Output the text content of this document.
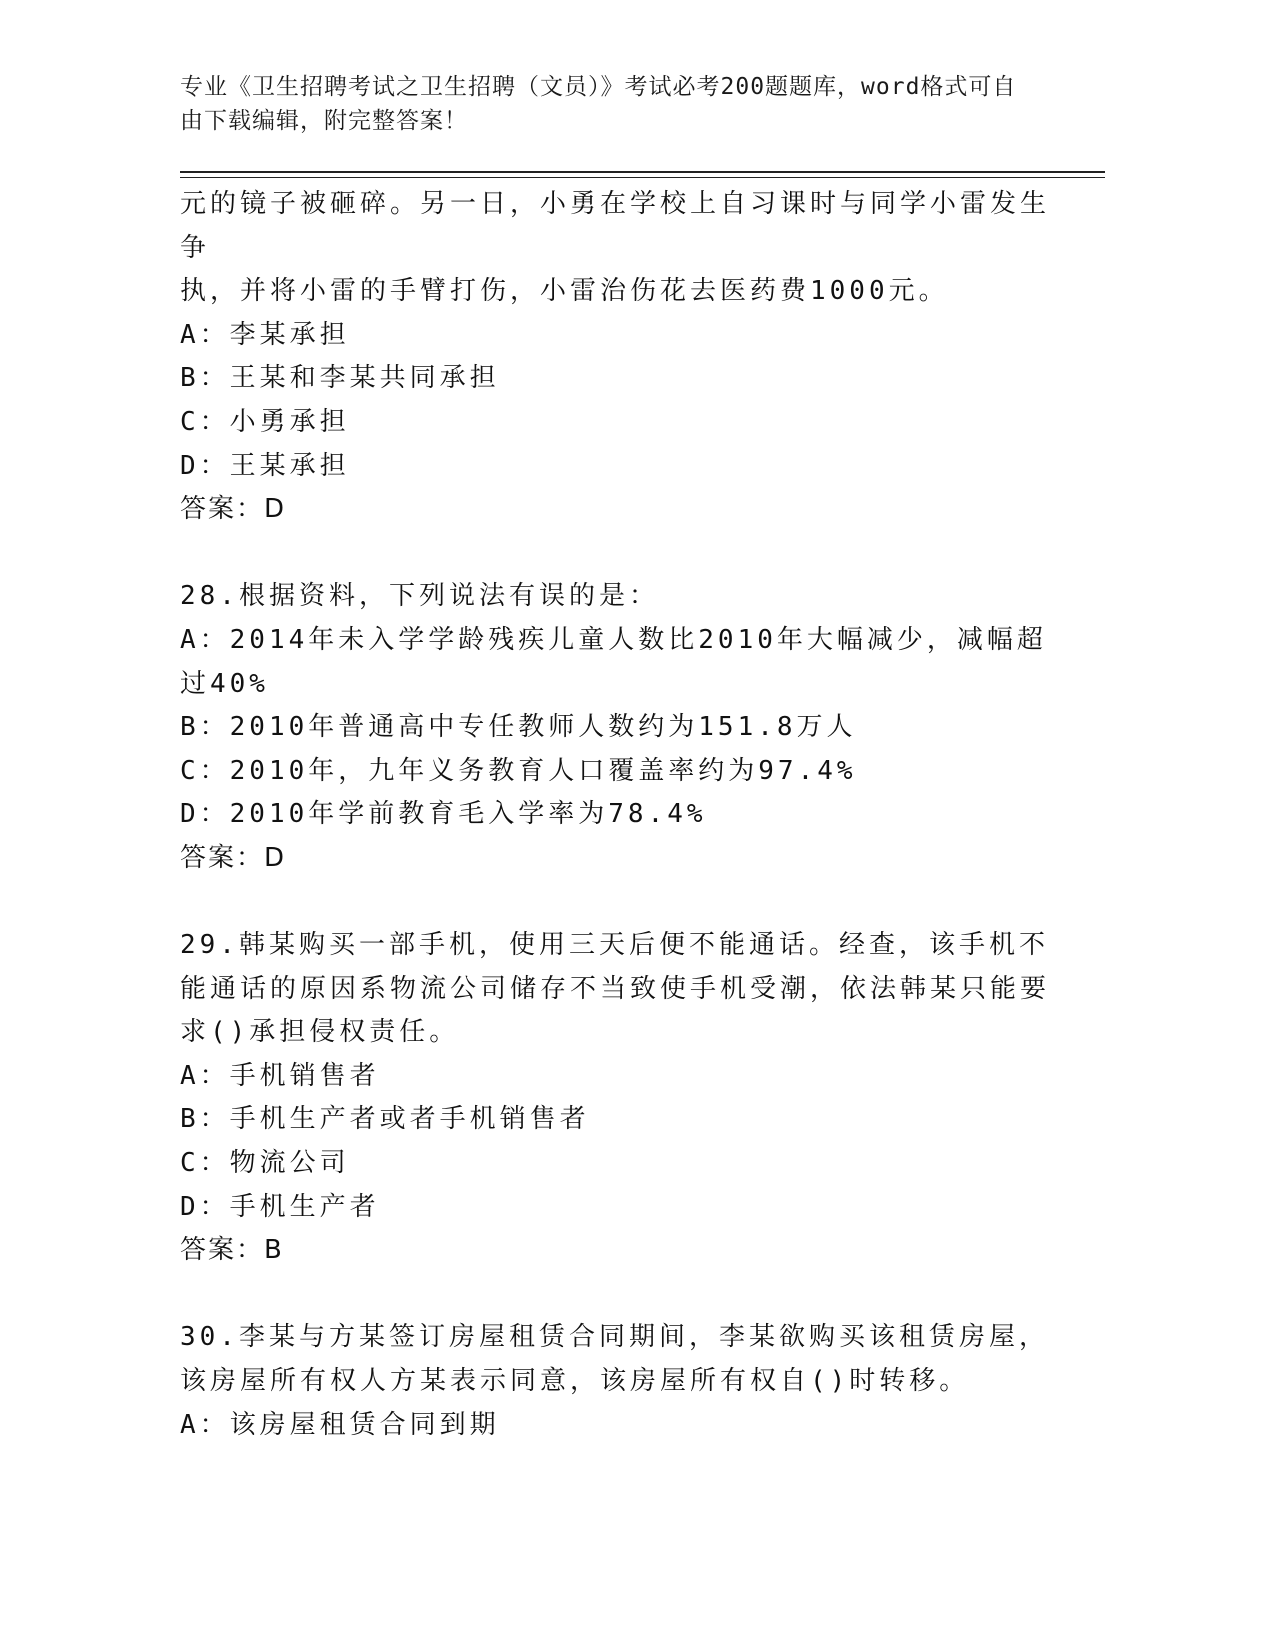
专业《卫生招聘考试之卫生招聘（文员）》考试必考200题题库，word格式可自由下载编辑，附完整答案！

元的镜子被砸碎。另一日，小勇在学校上自习课时与同学小雷发生争

执，并将小雷的手臂打伤，小雷治伤花去医药费1000元。

A：李某承担

B：王某和李某共同承担

C：小勇承担

D：王某承担

答案：D

28.根据资料，下列说法有误的是：

A：2014年未入学学龄残疾儿童人数比2010年大幅减少，减幅超过40%

B：2010年普通高中专任教师人数约为151.8万人

C：2010年，九年义务教育人口覆盖率约为97.4%

D：2010年学前教育毛入学率为78.4%

答案：D

29.韩某购买一部手机，使用三天后便不能通话。经查，该手机不能通话的原因系物流公司储存不当致使手机受潮，依法韩某只能要求()承担侵权责任。

A：手机销售者

B：手机生产者或者手机销售者

C：物流公司

D：手机生产者

答案：B

30.李某与方某签订房屋租赁合同期间，李某欲购买该租赁房屋，该房屋所有权人方某表示同意，该房屋所有权自()时转移。

A：该房屋租赁合同到期
